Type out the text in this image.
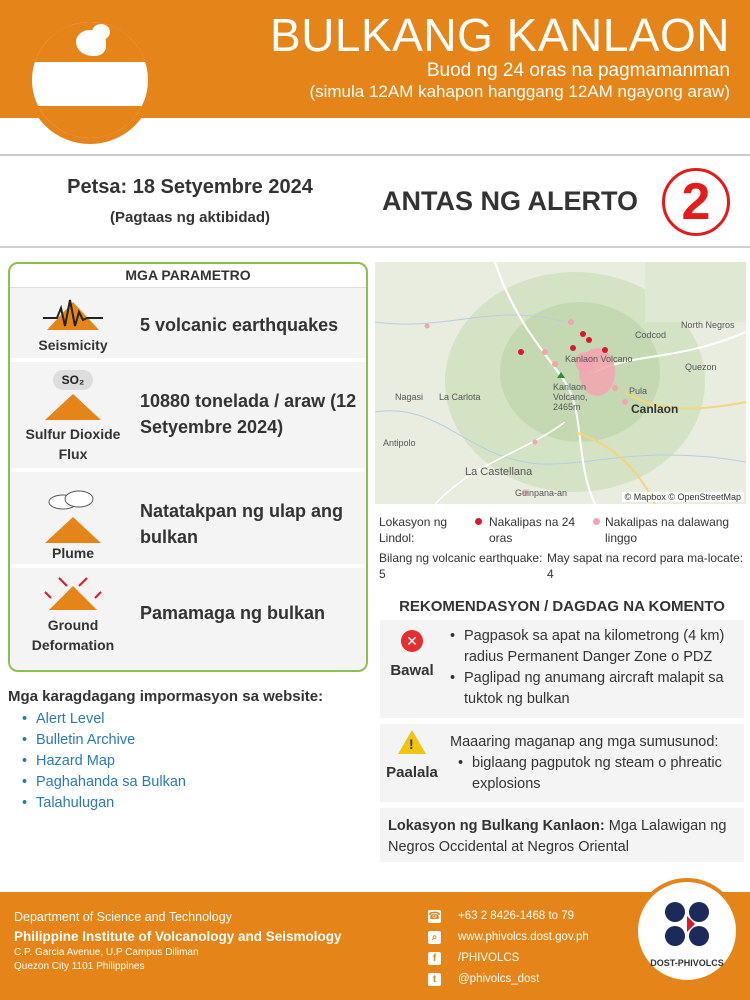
BULKANG KANLAON
Buod ng 24 oras na pagmamanman
(simula 12AM kahapon hanggang 12AM ngayong araw)
Petsa: 18 Setyembre 2024
(Pagtaas ng aktibidad)
ANTAS NG ALERTO 2
MGA PARAMETRO
Seismicity
5 volcanic earthquakes
SO₂
Sulfur Dioxide Flux
10880 tonelada / araw (12 Setyembre 2024)
Plume
Natatakpan ng ulap ang bulkan
Ground Deformation
Pamamaga ng bulkan
Kanlaon Volcano
Kanlaon Volcano, 2465m	Canlaon
La Carlota
Antipolo
Nagasi
La Castellana
North Negros
Codcod
Quezon
Pula
Guinpana-an	© Mapbox © OpenStreetMap
Lokasyon ng Lindol:
Nakalipas na 24 oras
Nakalipas na dalawang linggo
Bilang ng volcanic earthquake:
5
May sapat na record para ma-locate:
4
REKOMENDASYON / DAGDAG NA KOMENTO
✕
Bawal
• Pagpasok sa apat na kilometrong (4 km) radius Permanent Danger Zone o PDZ
• Paglipad ng anumang aircraft malapit sa tuktok ng bulkan
!
Paalala
Maaaring maganap ang mga sumusunod:
• biglaang pagputok ng steam o phreatic explosions
Lokasyon ng Bulkang Kanlaon: Mga Lalawigan ng Negros Occidental at Negros Oriental
Mga karagdagang impormasyon sa website:
• Alert Level
• Bulletin Archive
• Hazard Map
• Paghahanda sa Bulkan
• Talahulugan
Department of Science and Technology
Philippine Institute of Volcanology and Seismology
C.P. Garcia Avenue, U.P Campus Diliman
Quezon City 1101 Philippines
☎ +63 2 8426-1468 to 79
⌕	www.phivolcs.dost.gov.ph
f	/PHIVOLCS
t	@phivolcs_dost
DOST-PHIVOLCS
